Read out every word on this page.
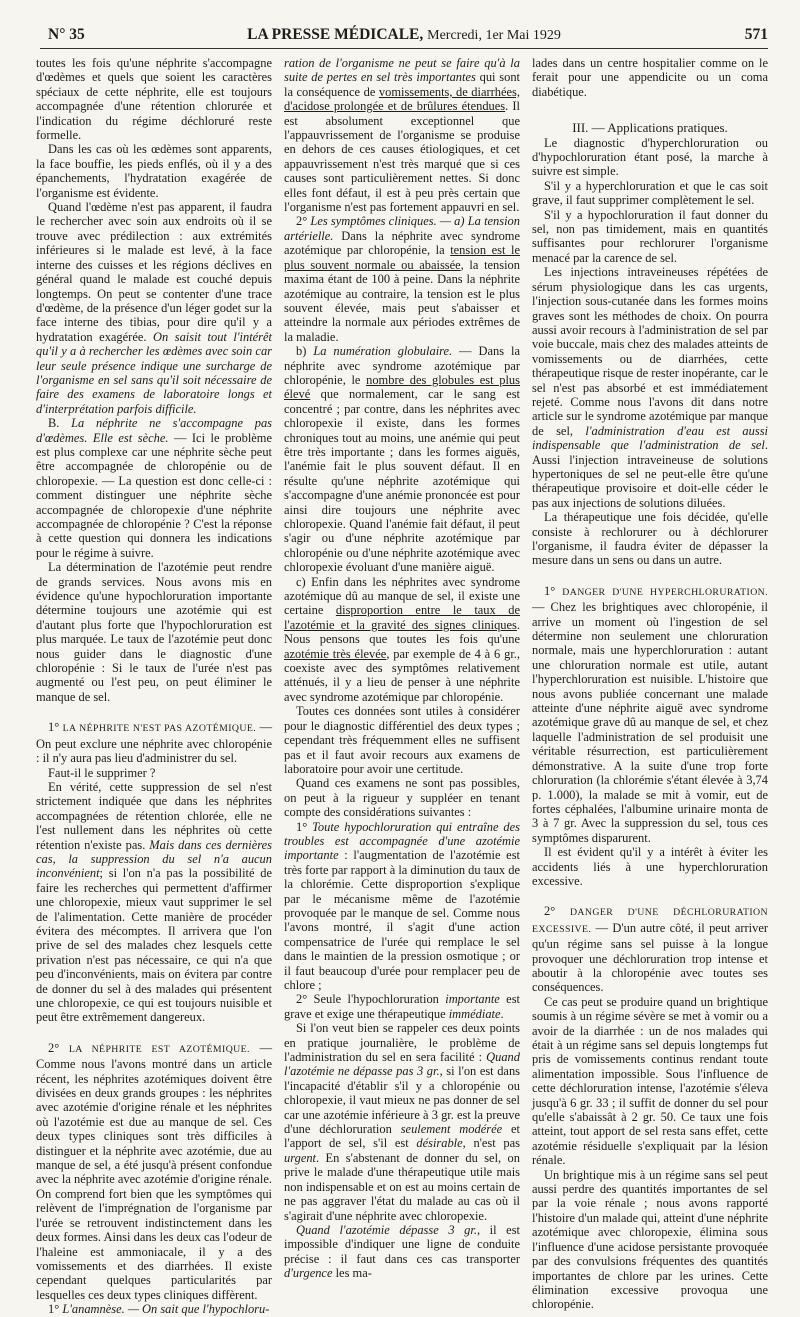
N° 35	LA PRESSE MÉDICALE, Mercredi, 1er Mai 1929	571

toutes les fois qu'une néphrite s'accompagne d'œdèmes et quels que soient les caractères spéciaux de cette néphrite, elle est toujours accompagnée d'une rétention chlorurée et l'indication du régime déchloruré reste formelle.

Dans les cas où les œdèmes sont apparents, la face bouffie, les pieds enflés, où il y a des épanchements, l'hydratation exagérée de l'organisme est évidente.

Quand l'œdème n'est pas apparent, il faudra le rechercher avec soin aux endroits où il se trouve avec prédilection : aux extrémités inférieures si le malade est levé, à la face interne des cuisses et les régions déclives en général quand le malade est couché depuis longtemps. On peut se contenter d'une trace d'œdème, de la présence d'un léger godet sur la face interne des tibias, pour dire qu'il y a hydratation exagérée. On saisit tout l'intérêt qu'il y a à rechercher les œdèmes avec soin car leur seule présence indique une surcharge de l'organisme en sel sans qu'il soit nécessaire de faire des examens de laboratoire longs et d'interprétation parfois difficile.

B. La néphrite ne s'accompagne pas d'œdèmes. Elle est sèche. — Ici le problème est plus complexe car une néphrite sèche peut être accompagnée de chloropénie ou de chloropexie. — La question est donc celle-ci : comment distinguer une néphrite sèche accompagnée de chloropexie d'une néphrite accompagnée de chloropénie ? C'est la réponse à cette question qui donnera les indications pour le régime à suivre.

La détermination de l'azotémie peut rendre de grands services. Nous avons mis en évidence qu'une hypochloruration importante détermine toujours une azotémie qui est d'autant plus forte que l'hypochloruration est plus marquée. Le taux de l'azotémie peut donc nous guider dans le diagnostic d'une chloropénie : Si le taux de l'urée n'est pas augmenté ou l'est peu, on peut éliminer le manque de sel.

1° LA NÉPHRITE N'EST PAS AZOTÉMIQUE. — On peut exclure une néphrite avec chloropénie : il n'y aura pas lieu d'administrer du sel.

Faut-il le supprimer ?

En vérité, cette suppression de sel n'est strictement indiquée que dans les néphrites accompagnées de rétention chlorée, elle ne l'est nullement dans les néphrites où cette rétention n'existe pas. Mais dans ces dernières cas, la suppression du sel n'a aucun inconvénient; si l'on n'a pas la possibilité de faire les recherches qui permettent d'affirmer une chloropexie, mieux vaut supprimer le sel de l'alimentation. Cette manière de procéder évitera des mécomptes. Il arrivera que l'on prive de sel des malades chez lesquels cette privation n'est pas nécessaire, ce qui n'a que peu d'inconvénients, mais on évitera par contre de donner du sel à des malades qui présentent une chloropexie, ce qui est toujours nuisible et peut être extrêmement dangereux.

2° LA NÉPHRITE EST AZOTÉMIQUE. — Comme nous l'avons montré dans un article récent, les néphrites azotémiques doivent être divisées en deux grands groupes : les néphrites avec azotémie d'origine rénale et les néphrites où l'azotémie est due au manque de sel. Ces deux types cliniques sont très difficiles à distinguer et la néphrite avec azotémie, due au manque de sel, a été jusqu'à présent confondue avec la néphrite avec azotémie d'origine rénale. On comprend fort bien que les symptômes qui relèvent de l'imprégnation de l'organisme par l'urée se retrouvent indistinctement dans les deux formes. Ainsi dans les deux cas l'odeur de l'haleine est ammoniacale, il y a des vomissements et des diarrhées. Il existe cependant quelques particularités par lesquelles ces deux types cliniques diffèrent.

1° L'anamnèse. — On sait que l'hypochloru-

ration de l'organisme ne peut se faire qu'à la suite de pertes en sel très importantes qui sont la conséquence de vomissements, de diarrhées, d'acidose prolongée et de brûlures étendues. Il est absolument exceptionnel que l'appauvrissement de l'organisme se produise en dehors de ces causes étiologiques, et cet appauvrissement n'est très marqué que si ces causes sont particulièrement nettes. Si donc elles font défaut, il est à peu près certain que l'organisme n'est pas fortement appauvri en sel.

2° Les symptômes cliniques. — a) La tension artérielle. Dans la néphrite avec syndrome azotémique par chloropénie, la tension est le plus souvent normale ou abaissée, la tension maxima étant de 100 à peine. Dans la néphrite azotémique au contraire, la tension est le plus souvent élevée, mais peut s'abaisser et atteindre la normale aux périodes extrêmes de la maladie.

b) La numération globulaire. — Dans la néphrite avec syndrome azotémique par chloropénie, le nombre des globules est plus élevé que normalement, car le sang est concentré ; par contre, dans les néphrites avec chloropexie il existe, dans les formes chroniques tout au moins, une anémie qui peut être très importante ; dans les formes aiguës, l'anémie fait le plus souvent défaut. Il en résulte qu'une néphrite azotémique qui s'accompagne d'une anémie prononcée est pour ainsi dire toujours une néphrite avec chloropexie. Quand l'anémie fait défaut, il peut s'agir ou d'une néphrite azotémique par chloropénie ou d'une néphrite azotémique avec chloropexie évoluant d'une manière aiguë.

c) Enfin dans les néphrites avec syndrome azotémique dû au manque de sel, il existe une certaine disproportion entre le taux de l'azotémie et la gravité des signes cliniques. Nous pensons que toutes les fois qu'une azotémie très élevée, par exemple de 4 à 6 gr., coexiste avec des symptômes relativement atténués, il y a lieu de penser à une néphrite avec syndrome azotémique par chloropénie.

Toutes ces données sont utiles à considérer pour le diagnostic différentiel des deux types ; cependant très fréquemment elles ne suffisent pas et il faut avoir recours aux examens de laboratoire pour avoir une certitude.

Quand ces examens ne sont pas possibles, on peut à la rigueur y suppléer en tenant compte des considérations suivantes :

1° Toute hypochloruration qui entraîne des troubles est accompagnée d'une azotémie importante : l'augmentation de l'azotémie est très forte par rapport à la diminution du taux de la chlorémie. Cette disproportion s'explique par le mécanisme même de l'azotémie provoquée par le manque de sel. Comme nous l'avons montré, il s'agit d'une action compensatrice de l'urée qui remplace le sel dans le maintien de la pression osmotique ; or il faut beaucoup d'urée pour remplacer peu de chlore ;

2° Seule l'hypochloruration importante est grave et exige une thérapeutique immédiate.

Si l'on veut bien se rappeler ces deux points en pratique journalière, le problème de l'administration du sel en sera facilité : Quand l'azotémie ne dépasse pas 3 gr., si l'on est dans l'incapacité d'établir s'il y a chloropénie ou chloropexie, il vaut mieux ne pas donner de sel car une azotémie inférieure à 3 gr. est la preuve d'une déchloruration seulement modérée et l'apport de sel, s'il est désirable, n'est pas urgent. En s'abstenant de donner du sel, on prive le malade d'une thérapeutique utile mais non indispensable et on est au moins certain de ne pas aggraver l'état du malade au cas où il s'agirait d'une néphrite avec chloropexie.

Quand l'azotémie dépasse 3 gr., il est impossible d'indiquer une ligne de conduite précise : il faut dans ces cas transporter d'urgence les ma-

lades dans un centre hospitalier comme on le ferait pour une appendicite ou un coma diabétique.

III. — Applications pratiques.

Le diagnostic d'hyperchloruration ou d'hypochloruration étant posé, la marche à suivre est simple.

S'il y a hyperchloruration et que le cas soit grave, il faut supprimer complètement le sel.

S'il y a hypochloruration il faut donner du sel, non pas timidement, mais en quantités suffisantes pour rechlorurer l'organisme menacé par la carence de sel.

Les injections intraveineuses répétées de sérum physiologique dans les cas urgents, l'injection sous-cutanée dans les formes moins graves sont les méthodes de choix. On pourra aussi avoir recours à l'administration de sel par voie buccale, mais chez des malades atteints de vomissements ou de diarrhées, cette thérapeutique risque de rester inopérante, car le sel n'est pas absorbé et est immédiatement rejeté. Comme nous l'avons dit dans notre article sur le syndrome azotémique par manque de sel, l'administration d'eau est aussi indispensable que l'administration de sel. Aussi l'injection intraveineuse de solutions hypertoniques de sel ne peut-elle être qu'une thérapeutique provisoire et doit-elle céder le pas aux injections de solutions diluées.

La thérapeutique une fois décidée, qu'elle consiste à rechlorurer ou à déchlorurer l'organisme, il faudra éviter de dépasser la mesure dans un sens ou dans un autre.

1° DANGER D'UNE HYPERCHLORURATION. — Chez les brightiques avec chloropénie, il arrive un moment où l'ingestion de sel détermine non seulement une chloruration normale, mais une hyperchloruration : autant une chloruration normale est utile, autant l'hyperchloruration est nuisible. L'histoire que nous avons publiée concernant une malade atteinte d'une néphrite aiguë avec syndrome azotémique grave dû au manque de sel, et chez laquelle l'administration de sel produisit une véritable résurrection, est particulièrement démonstrative. A la suite d'une trop forte chloruration (la chlorémie s'étant élevée à 3,74 p. 1.000), la malade se mit à vomir, eut de fortes céphalées, l'albumine urinaire monta de 3 à 7 gr. Avec la suppression du sel, tous ces symptômes disparurent.

Il est évident qu'il y a intérêt à éviter les accidents liés à une hyperchloruration excessive.

2° DANGER D'UNE DÉCHLORURATION EXCESSIVE. — D'un autre côté, il peut arriver qu'un régime sans sel puisse à la longue provoquer une déchloruration trop intense et aboutir à la chloropénie avec toutes ses conséquences.

Ce cas peut se produire quand un brightique soumis à un régime sévère se met à vomir ou a avoir de la diarrhée : un de nos malades qui était à un régime sans sel depuis longtemps fut pris de vomissements continus rendant toute alimentation impossible. Sous l'influence de cette déchloruration intense, l'azotémie s'éleva jusqu'à 6 gr. 33 ; il suffit de donner du sel pour qu'elle s'abaissât à 2 gr. 50. Ce taux une fois atteint, tout apport de sel resta sans effet, cette azotémie résiduelle s'expliquait par la lésion rénale.

Un brightique mis à un régime sans sel peut aussi perdre des quantités importantes de sel par la voie rénale ; nous avons rapporté l'histoire d'un malade qui, atteint d'une néphrite azotémique avec chloropexie, élimina sous l'influence d'une acidose persistante provoquée par des convulsions fréquentes des quantités importantes de chlore par les urines. Cette élimination excessive provoqua une chloropénie.
